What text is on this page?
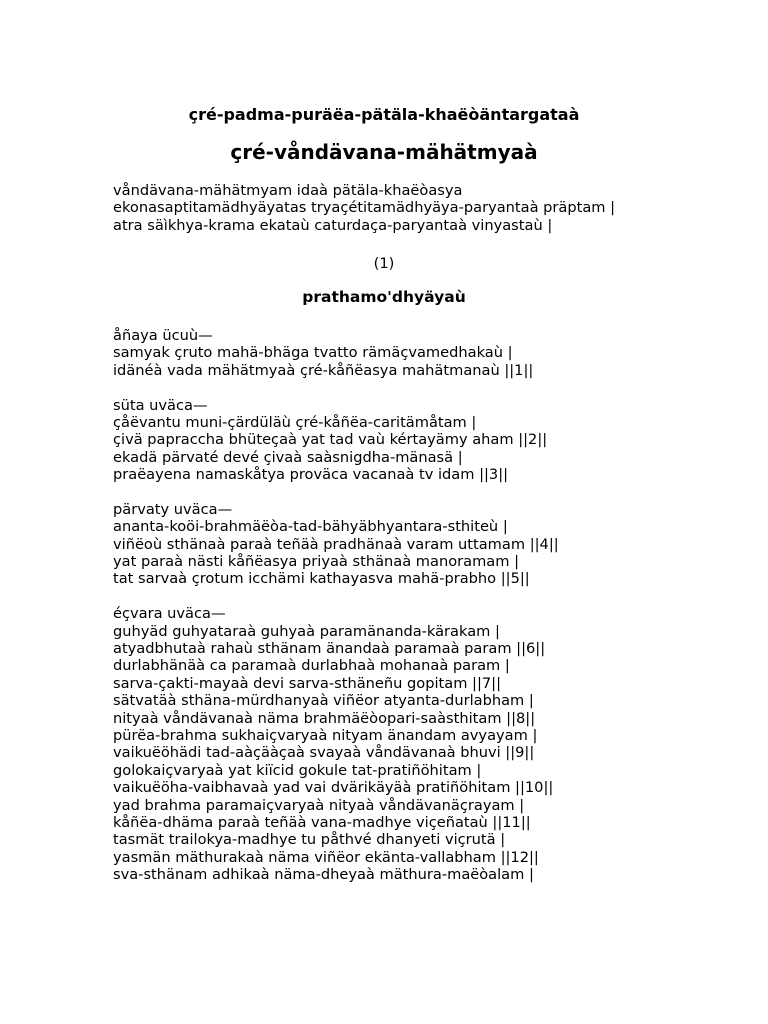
çré-padma-puräëa-pätäla-khaëòäntargataà
çré-våndävana-mähätmyaà
våndävana-mähätmyam idaà pätäla-khaëòasya
ekonasaptitamädhyäyatas tryaçétitamädhyäya-paryantaà präptam |
atra säìkhya-krama ekataù caturdaça-paryantaà vinyastaù |
(1)
prathamo'dhyäyaù
åñaya ücuù—
samyak çruto mahä-bhäga tvatto rämäçvamedhakaù |
idänéà vada mähätmyaà çré-kåñëasya mahätmanaù ||1||
süta uväca—
çåëvantu muni-çärdüläù çré-kåñëa-caritämåtam |
çivä papraccha bhüteçaà yat tad vaù kértayämy aham ||2||
ekadä pärvaté devé çivaà saàsnigdha-mänasä |
praëayena namaskåtya proväca vacanaà tv idam ||3||
pärvaty uväca—
ananta-koöi-brahmäëòa-tad-bähyäbhyantara-sthiteù |
viñëoù sthänaà paraà teñäà pradhänaà varam uttamam ||4||
yat paraà nästi kåñëasya priyaà sthänaà manoramam |
tat sarvaà çrotum icchämi kathayasva mahä-prabho ||5||
éçvara uväca—
guhyäd guhyataraà guhyaà paramänanda-kärakam |
atyadbhutaà rahaù sthänam änandaà paramaà param ||6||
durlabhänäà ca paramaà durlabhaà mohanaà param |
sarva-çakti-mayaà devi sarva-sthäneñu gopitam ||7||
sätvatäà sthäna-mürdhanyaà viñëor atyanta-durlabham |
nityaà våndävanaà näma brahmäëòopari-saàsthitam ||8||
pürëa-brahma sukhaiçvaryaà nityam änandam avyayam |
vaikuëöhädi tad-aàçäàçaà svayaà våndävanaà bhuvi ||9||
golokaiçvaryaà yat kiïcid gokule tat-pratiñöhitam |
vaikuëöha-vaibhavaà yad vai dvärikäyäà pratiñöhitam ||10||
yad brahma paramaiçvaryaà nityaà våndävanäçrayam |
kåñëa-dhäma paraà teñäà vana-madhye viçeñataù ||11||
tasmät trailokya-madhye tu påthvé dhanyeti viçrutä |
yasmän mäthurakaà näma viñëor ekänta-vallabham ||12||
sva-sthänam adhikaà näma-dheyaà mäthura-maëòalam |
